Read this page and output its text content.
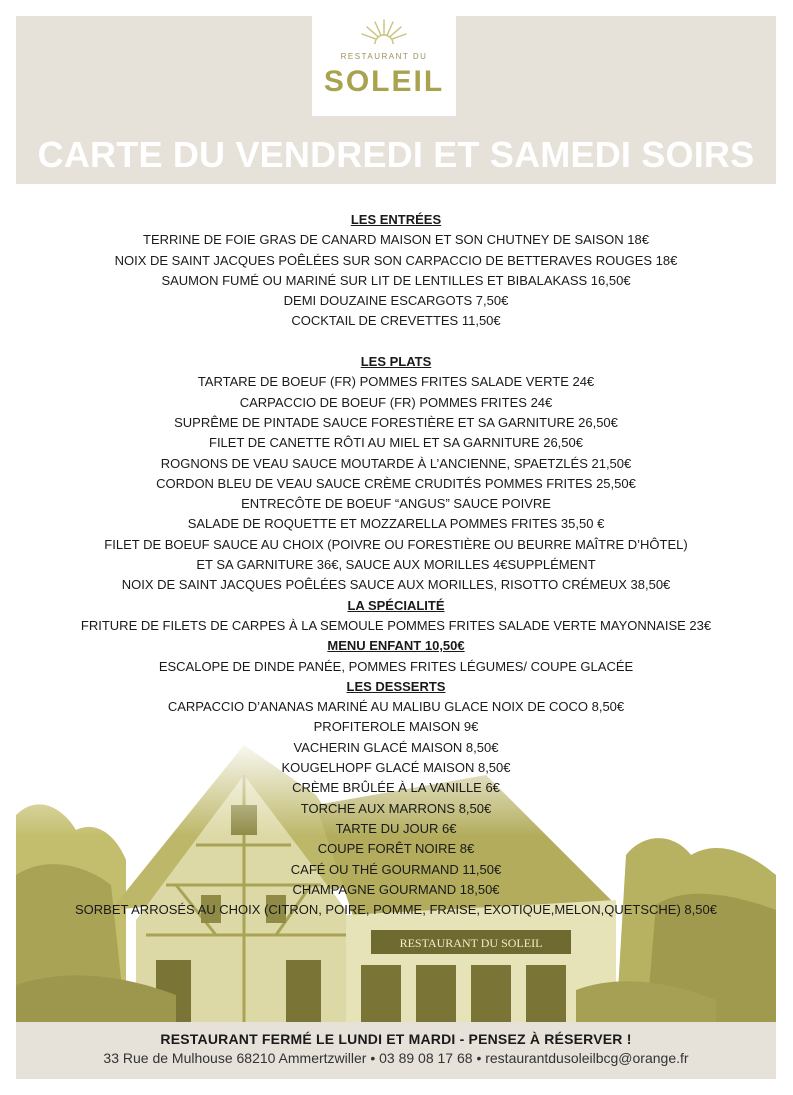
RESTAURANT DU
SOLEIL
CARTE DU VENDREDI ET SAMEDI SOIRS
LES ENTRÉES
TERRINE DE FOIE GRAS DE CANARD MAISON ET SON CHUTNEY DE SAISON 18€
NOIX DE SAINT JACQUES POÊLÉES SUR SON CARPACCIO DE BETTERAVES ROUGES 18€
SAUMON FUMÉ OU MARINÉ SUR LIT DE LENTILLES ET BIBALAKASS 16,50€
DEMI DOUZAINE ESCARGOTS 7,50€
COCKTAIL DE CREVETTES 11,50€
LES PLATS
TARTARE DE BOEUF (FR) POMMES FRITES SALADE VERTE 24€
CARPACCIO DE BOEUF (FR) POMMES FRITES 24€
SUPRÊME DE PINTADE SAUCE FORESTIÈRE ET SA GARNITURE 26,50€
FILET DE CANETTE RÔTI AU MIEL ET SA GARNITURE 26,50€
ROGNONS DE VEAU SAUCE MOUTARDE À L’ANCIENNE, SPAETZLÉS 21,50€
CORDON BLEU DE VEAU SAUCE CRÈME CRUDITÉS POMMES FRITES 25,50€
ENTRECÔTE DE BOEUF “ANGUS” SAUCE POIVRE
SALADE DE ROQUETTE ET MOZZARELLA POMMES FRITES 35,50 €
FILET DE BOEUF SAUCE AU CHOIX (POIVRE OU FORESTIÈRE OU BEURRE MAÎTRE D’HÔTEL)
ET SA GARNITURE 36€, SAUCE AUX MORILLES 4€SUPPLÉMENT
NOIX DE SAINT JACQUES POÊLÉES SAUCE AUX MORILLES, RISOTTO CRÉMEUX 38,50€
LA SPÉCIALITÉ
FRITURE DE FILETS DE CARPES À LA SEMOULE POMMES FRITES SALADE VERTE MAYONNAISE 23€
MENU ENFANT 10,50€
ESCALOPE DE DINDE PANÉE, POMMES FRITES LÉGUMES/ COUPE GLACÉE
LES DESSERTS
CARPACCIO D’ANANAS MARINÉ AU MALIBU GLACE NOIX DE COCO 8,50€
PROFITEROLE MAISON 9€
VACHERIN GLACÉ MAISON 8,50€
KOUGELHOPF GLACÉ MAISON 8,50€
CRÈME BRÛLÉE À LA VANILLE 6€
TORCHE AUX MARRONS 8,50€
TARTE DU JOUR 6€
COUPE FORÊT NOIRE 8€
CAFÉ OU THÉ GOURMAND 11,50€
CHAMPAGNE GOURMAND 18,50€
SORBET ARROSÉS AU CHOIX (CITRON, POIRE, POMME, FRAISE, EXOTIQUE,MELON,QUETSCHE) 8,50€
RESTAURANT FERMÉ LE LUNDI ET MARDI - PENSEZ À RÉSERVER !
33 Rue de Mulhouse 68210 Ammertzwiller • 03 89 08 17 68 • restaurantdusoleilbcg@orange.fr
